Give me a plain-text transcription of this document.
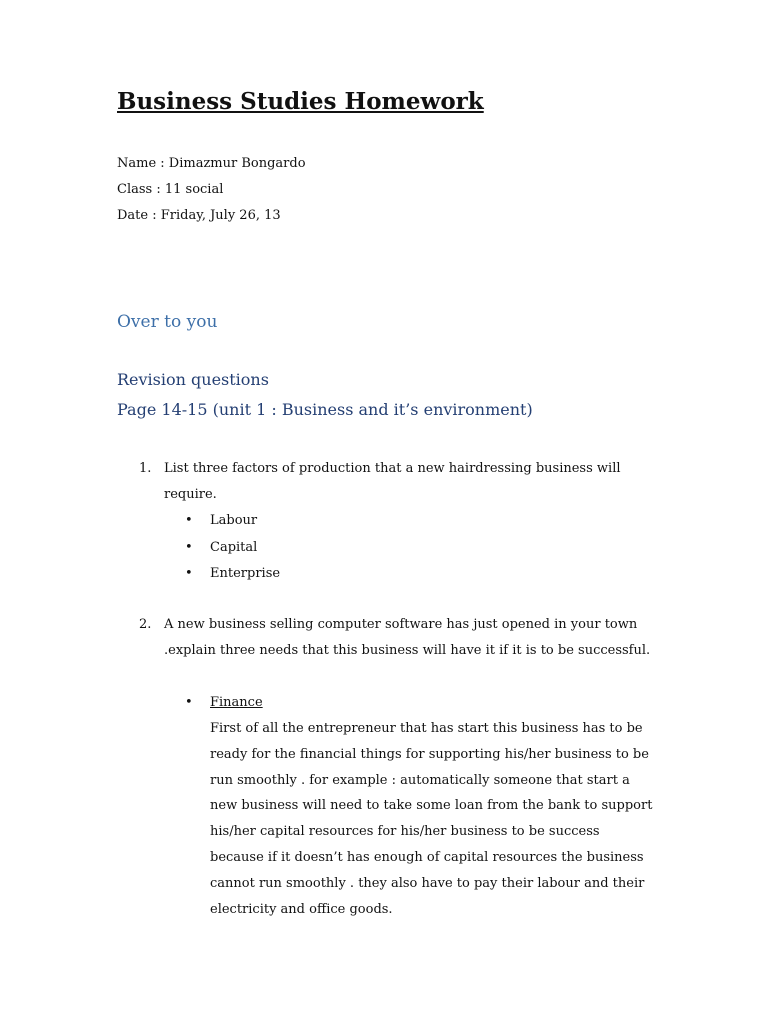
Business Studies Homework
Name : Dimazmur Bongardo
Class : 11 social
Date : Friday, July 26, 13
Over to you
Revision questions
Page 14-15 (unit 1 : Business and it’s environment)
1. List three factors of production that a new hairdressing business will
require.
• Labour
• Capital
• Enterprise
2. A new business selling computer software has just opened in your town
.explain three needs that this business will have it if it is to be successful.
• Finance
First of all the entrepreneur that has start this business has to be
ready for the financial things for supporting his/her business to be
run smoothly . for example : automatically someone that start a
new business will need to take some loan from the bank to support
his/her capital resources for his/her business to be success
because if it doesn’t has enough of capital resources the business
cannot run smoothly . they also have to pay their labour and their
electricity and office goods.
